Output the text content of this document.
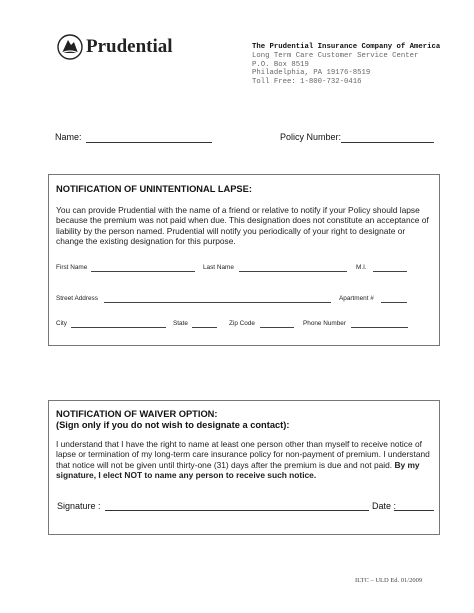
Prudential	The Prudential Insurance Company of America
Long Term Care Customer Service Center
P.O. Box 8519
Philadelphia, PA 19176-8519
Toll Free: 1-800-732-0416
Name:	Policy Number:
NOTIFICATION OF UNINTENTIONAL LAPSE:
You can provide Prudential with the name of a friend or relative to notify if your Policy should lapse because the premium was not paid when due. This designation does not constitute an acceptance of liability by the person named. Prudential will notify you periodically of your right to designate or change the existing designation for this purpose.
First Name	Last Name	M.I.
Street Address	Apartment #
City	State	Zip Code	Phone Number
NOTIFICATION OF WAIVER OPTION:
(Sign only if you do not wish to designate a contact):
I understand that I have the right to name at least one person other than myself to receive notice of lapse or termination of my long-term care insurance policy for non-payment of premium. I understand that notice will not be given until thirty-one (31) days after the premium is due and not paid. By my signature, I elect NOT to name any person to receive such notice.
Signature :	Date :
ILTC – ULD Ed. 01/2009
